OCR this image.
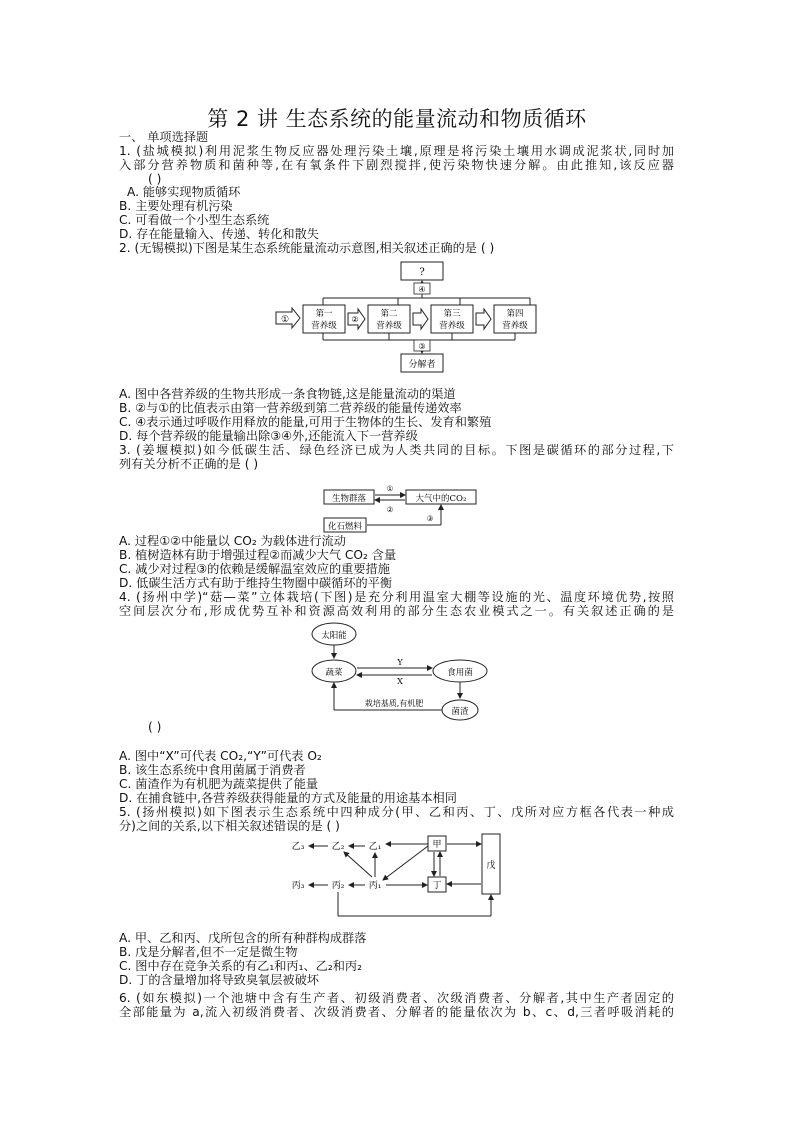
第 2 讲 生态系统的能量流动和物质循环
一、 单项选择题
1. (盐城模拟)利用泥浆生物反应器处理污染土壤,原理是将污染土壤用水调成泥浆状,同时加
入部分营养物质和菌种等,在有氧条件下剧烈搅拌,使污染物快速分解。由此推知,该反应器
( )
A. 能够实现物质循环
B. 主要处理有机污染
C. 可看做一个小型生态系统
D. 存在能量输入、传递、转化和散失
2. (无锡模拟)下图是某生态系统能量流动示意图,相关叙述正确的是 ( )
?
④
①
第一
营养级
②
第二
营养级
第三
营养级
第四
营养级
③
分解者
A. 图中各营养级的生物共形成一条食物链,这是能量流动的渠道
B. ②与①的比值表示由第一营养级到第二营养级的能量传递效率
C. ④表示通过呼吸作用释放的能量,可用于生物体的生长、发育和繁殖
D. 每个营养级的能量输出除③④外,还能流入下一营养级
3. (姜堰模拟)如今低碳生活、绿色经济已成为人类共同的目标。下图是碳循环的部分过程,下
列有关分析不正确的是 ( )
生物群落	大气中的CO₂
化石燃料
①
②
③
A. 过程①②中能量以 CO₂ 为载体进行流动
B. 植树造林有助于增强过程②而减少大气 CO₂ 含量
C. 减少对过程③的依赖是缓解温室效应的重要措施
D. 低碳生活方式有助于维持生物圈中碳循环的平衡
4. (扬州中学)“菇—菜”立体栽培(下图)是充分利用温室大棚等设施的光、温度环境优势,按照
空间层次分布,形成优势互补和资源高效利用的部分生态农业模式之一。有关叙述正确的是
太阳能
蔬菜	食用菌
Y
X
菌渣
栽培基质,有机肥
( )
A. 图中“X”可代表 CO₂,“Y”可代表 O₂
B. 该生态系统中食用菌属于消费者
C. 菌渣作为有机肥为蔬菜提供了能量
D. 在捕食链中,各营养级获得能量的方式及能量的用途基本相同
5. (扬州模拟)如下图表示生态系统中四种成分(甲、乙和丙、丁、戊所对应方框各代表一种成
分)之间的关系,以下相关叙述错误的是 ( )
乙₃	乙₂	乙₁
丙₃	丙₂	丙₁
甲
丁
戊
A. 甲、乙和丙、戊所包含的所有种群构成群落
B. 戊是分解者,但不一定是微生物
C. 图中存在竞争关系的有乙₁和丙₁、乙₂和丙₂
D. 丁的含量增加将导致臭氧层被破坏
6. (如东模拟)一个池塘中含有生产者、初级消费者、次级消费者、分解者,其中生产者固定的
全部能量为 a,流入初级消费者、次级消费者、分解者的能量依次为 b、c、d,三者呼吸消耗的
